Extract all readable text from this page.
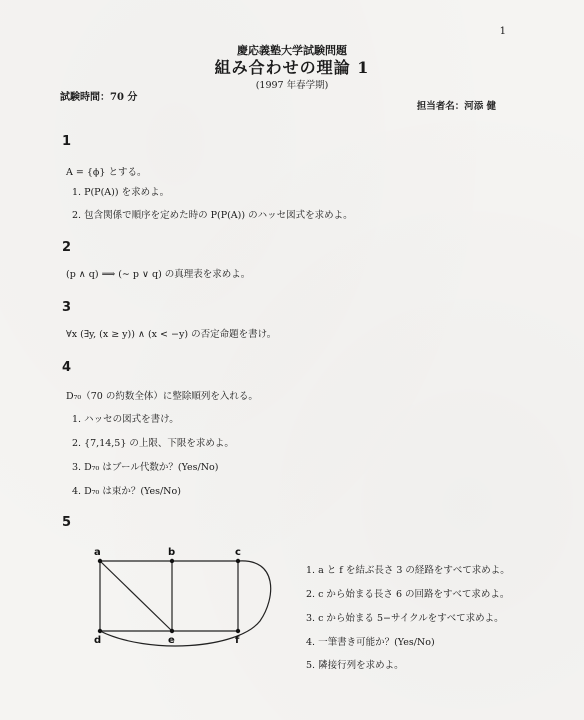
1
慶応義塾大学試験問題
組み合わせの理論 1
(1997 年春学期)
試験時間：70 分
担当者名：河添 健
1
A = {ϕ} とする。
1. P(P(A)) を求めよ。
2. 包含関係で順序を定めた時の P(P(A)) のハッセ図式を求めよ。
2
(p ∧ q) ⟹ (∼ p ∨ q) の真理表を求めよ。
3
∀x (∃y, (x ≥ y)) ∧ (x < −y) の否定命題を書け。
4
D₇₀（70 の約数全体）に整除順列を入れる。
1. ハッセの図式を書け。
2. {7,14,5} の上限、下限を求めよ。
3. D₇₀ はブール代数か？(Yes/No)
4. D₇₀ は束か？(Yes/No)
5
a	b	c
d	e	f
1. a と f を結ぶ長さ 3 の経路をすべて求めよ。
2. c から始まる長さ 6 の回路をすべて求めよ。
3. c から始まる 5−サイクルをすべて求めよ。
4. 一筆書き可能か？(Yes/No)
5. 隣接行列を求めよ。
